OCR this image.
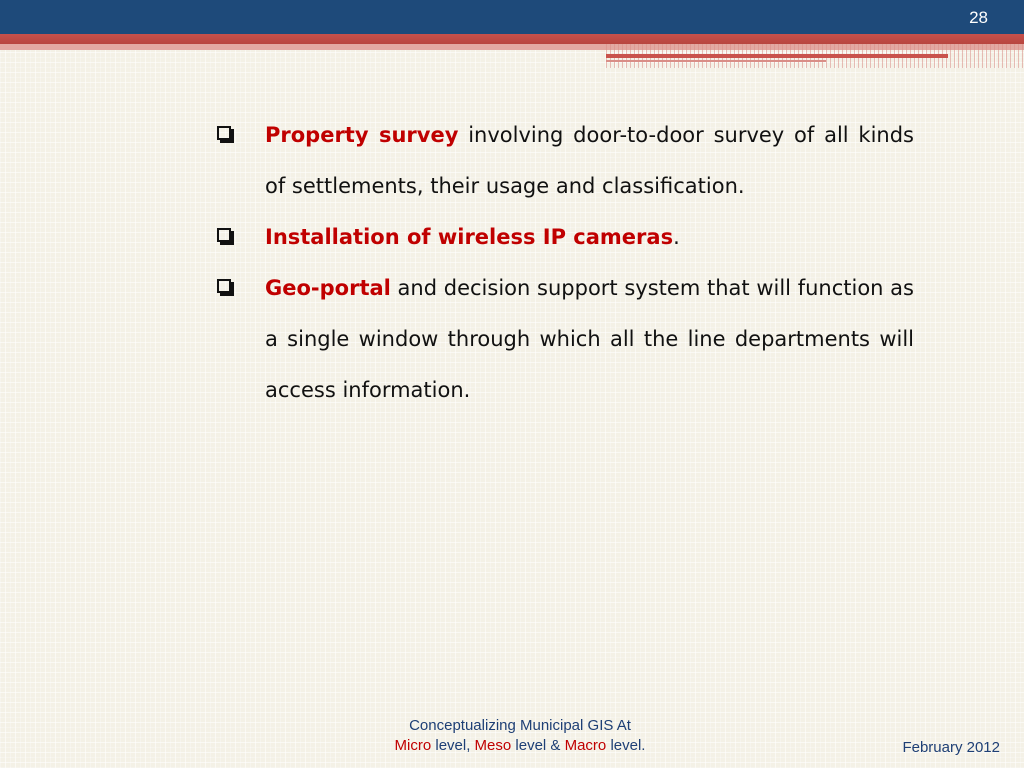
28
Property survey involving door-to-door survey of all kinds of settlements, their usage and classification.
Installation of wireless IP cameras.
Geo-portal and decision support system that will function as a single window through which all the line departments will access information.
Conceptualizing Municipal GIS At
Micro level, Meso level & Macro level.	February 2012
